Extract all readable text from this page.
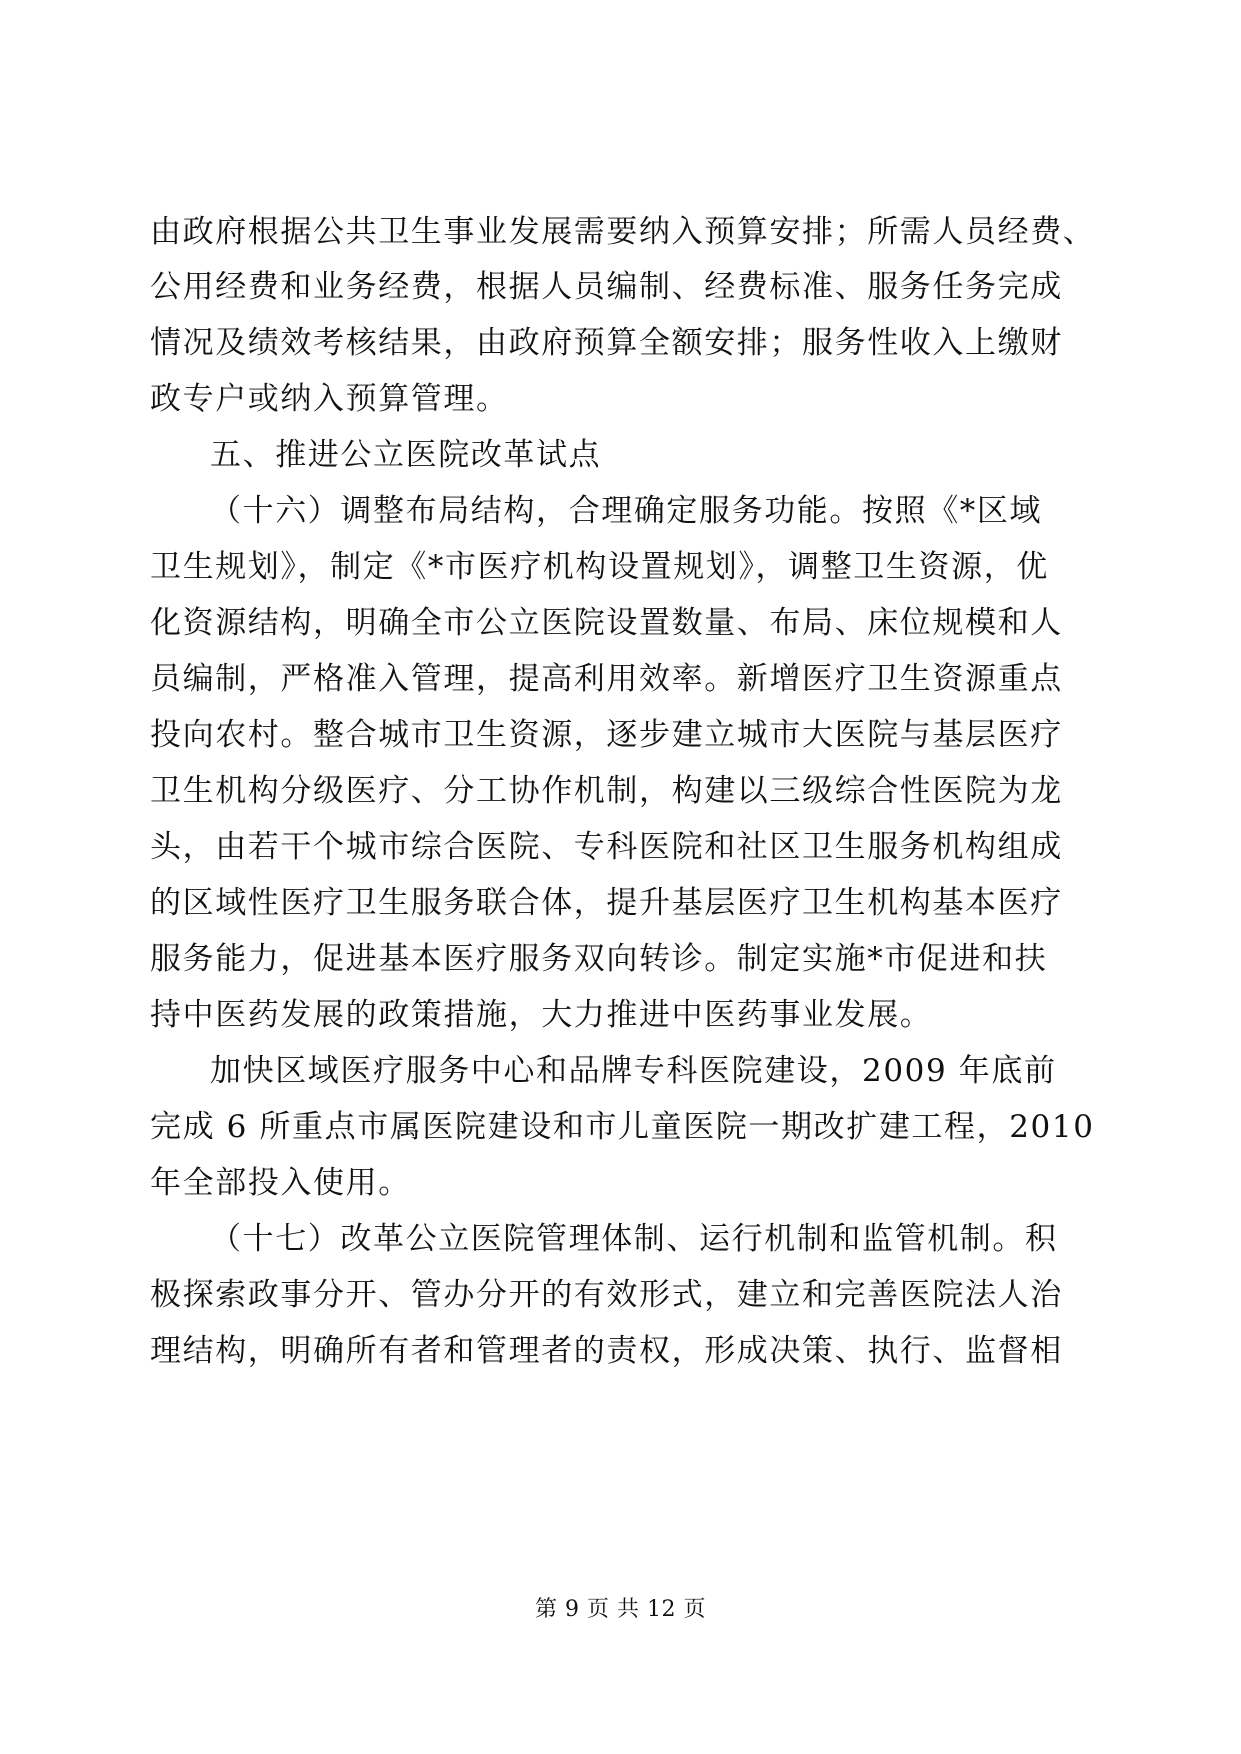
由政府根据公共卫生事业发展需要纳入预算安排；所需人员经费、
公用经费和业务经费，根据人员编制、经费标准、服务任务完成
情况及绩效考核结果，由政府预算全额安排；服务性收入上缴财
政专户或纳入预算管理。
五、推进公立医院改革试点
（十六）调整布局结构，合理确定服务功能。按照《*区域
卫生规划》，制定《*市医疗机构设置规划》，调整卫生资源，优
化资源结构，明确全市公立医院设置数量、布局、床位规模和人
员编制，严格准入管理，提高利用效率。新增医疗卫生资源重点
投向农村。整合城市卫生资源，逐步建立城市大医院与基层医疗
卫生机构分级医疗、分工协作机制，构建以三级综合性医院为龙
头，由若干个城市综合医院、专科医院和社区卫生服务机构组成
的区域性医疗卫生服务联合体，提升基层医疗卫生机构基本医疗
服务能力，促进基本医疗服务双向转诊。制定实施*市促进和扶
持中医药发展的政策措施，大力推进中医药事业发展。
加快区域医疗服务中心和品牌专科医院建设，2009 年底前
完成 6 所重点市属医院建设和市儿童医院一期改扩建工程，2010
年全部投入使用。
（十七）改革公立医院管理体制、运行机制和监管机制。积
极探索政事分开、管办分开的有效形式，建立和完善医院法人治
理结构，明确所有者和管理者的责权，形成决策、执行、监督相
第 9 页 共 12 页
